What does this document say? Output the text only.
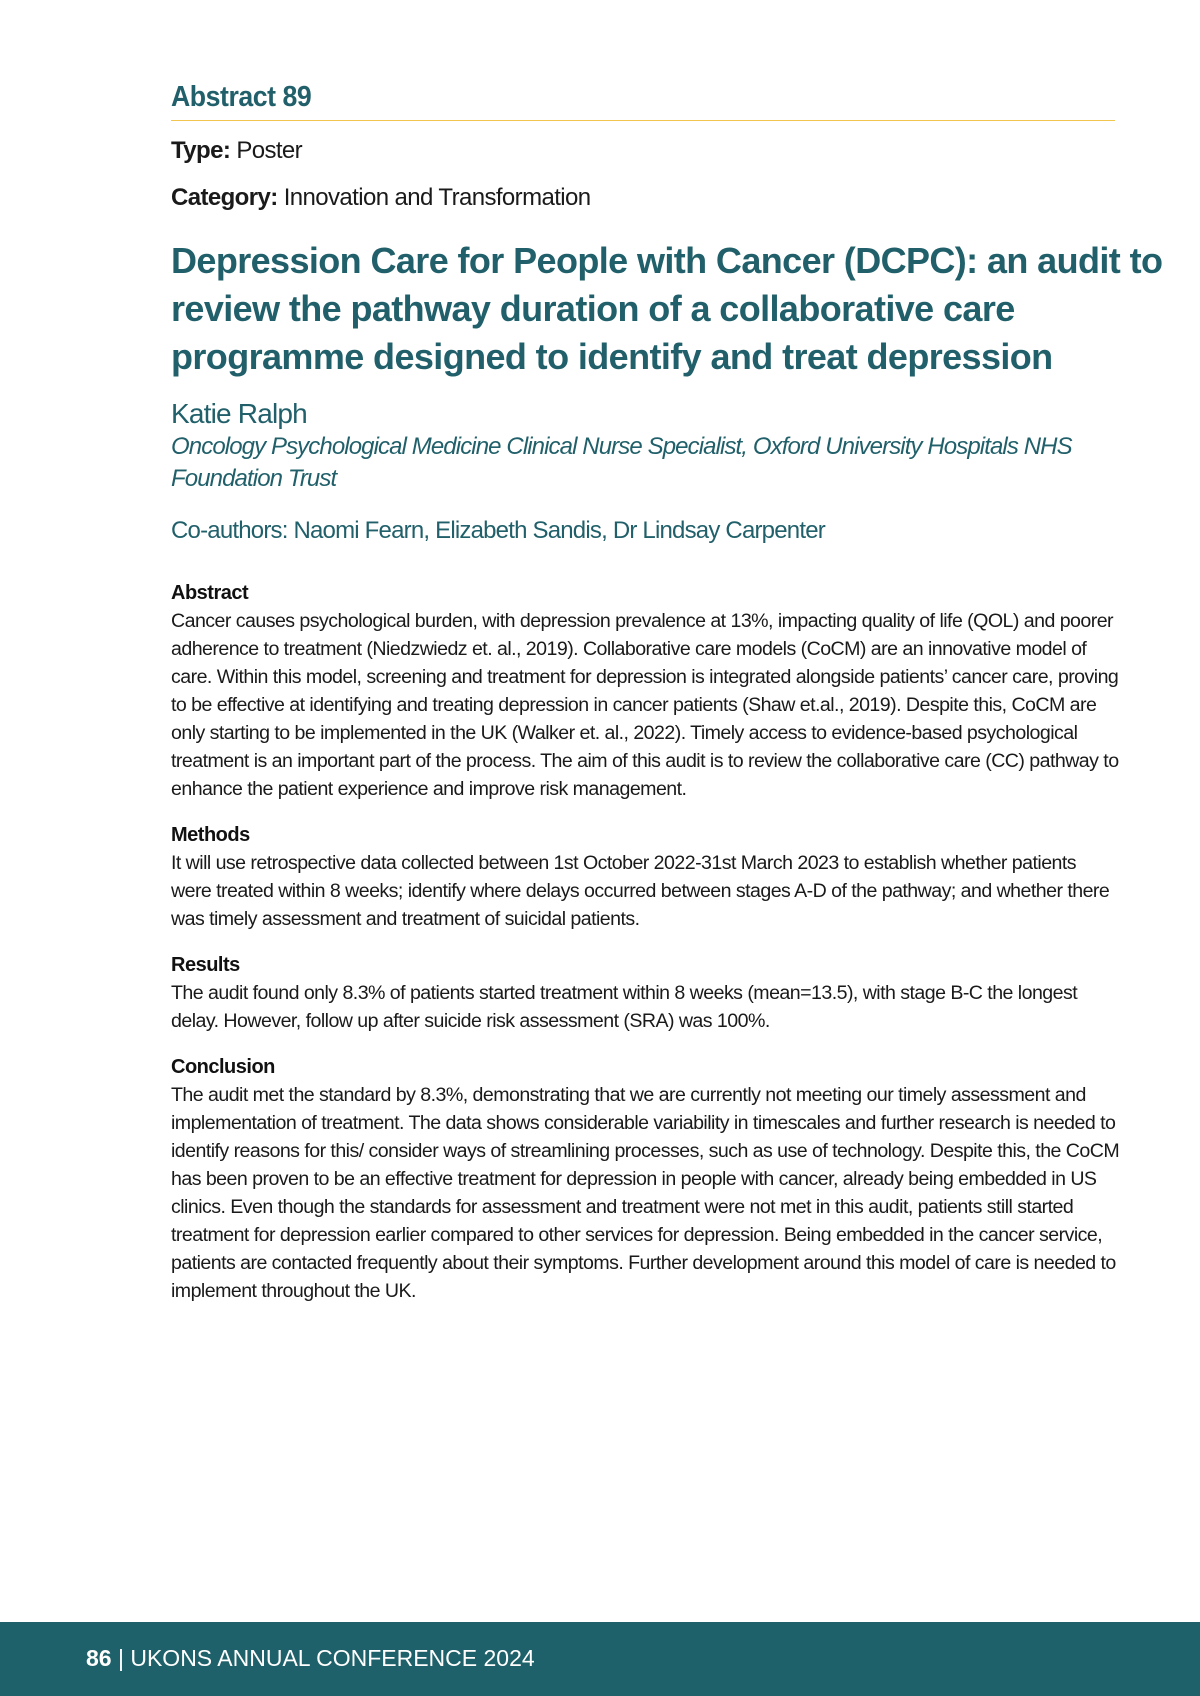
Abstract 89

Type: Poster

Category: Innovation and Transformation

Depression Care for People with Cancer (DCPC): an audit to review the pathway duration of a collaborative care programme designed to identify and treat depression

Katie Ralph

Oncology Psychological Medicine Clinical Nurse Specialist, Oxford University Hospitals NHS Foundation Trust

Co-authors: Naomi Fearn, Elizabeth Sandis, Dr Lindsay Carpenter

Abstract

Cancer causes psychological burden, with depression prevalence at 13%, impacting quality of life (QOL) and poorer adherence to treatment (Niedzwiedz et. al., 2019). Collaborative care models (CoCM) are an innovative model of care. Within this model, screening and treatment for depression is integrated alongside patients’ cancer care, proving to be effective at identifying and treating depression in cancer patients (Shaw et.al., 2019). Despite this, CoCM are only starting to be implemented in the UK (Walker et. al., 2022). Timely access to evidence-based psychological treatment is an important part of the process. The aim of this audit is to review the collaborative care (CC) pathway to enhance the patient experience and improve risk management.

Methods

It will use retrospective data collected between 1st October 2022-31st March 2023 to establish whether patients were treated within 8 weeks; identify where delays occurred between stages A-D of the pathway; and whether there was timely assessment and treatment of suicidal patients.

Results

The audit found only 8.3% of patients started treatment within 8 weeks (mean=13.5), with stage B-C the longest delay. However, follow up after suicide risk assessment (SRA) was 100%.

Conclusion

The audit met the standard by 8.3%, demonstrating that we are currently not meeting our timely assessment and implementation of treatment. The data shows considerable variability in timescales and further research is needed to identify reasons for this/ consider ways of streamlining processes, such as use of technology. Despite this, the CoCM has been proven to be an effective treatment for depression in people with cancer, already being embedded in US clinics. Even though the standards for assessment and treatment were not met in this audit, patients still started treatment for depression earlier compared to other services for depression. Being embedded in the cancer service, patients are contacted frequently about their symptoms. Further development around this model of care is needed to implement throughout the UK.

86 | UKONS ANNUAL CONFERENCE 2024
